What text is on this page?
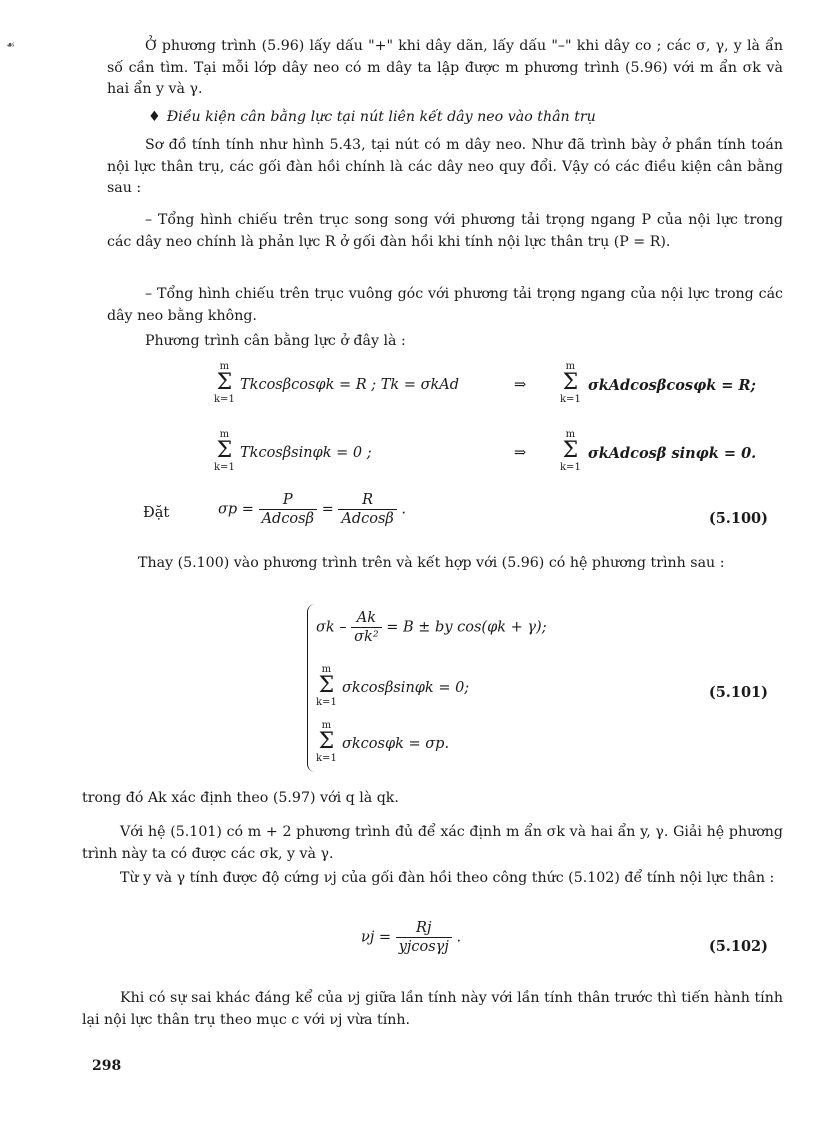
☙	Ở phương trình (5.96) lấy dấu "+" khi dây dãn, lấy dấu "–" khi dây co ; các σ, γ, y là ẩn số cần tìm. Tại mỗi lớp dây neo có m dây ta lập được m phương trình (5.96) với m ẩn σk và hai ẩn y và γ.
♦ Điều kiện cân bằng lực tại nút liên kết dây neo vào thân trụ
Sơ đồ tính tính như hình 5.43, tại nút có m dây neo. Như đã trình bày ở phần tính toán nội lực thân trụ, các gối đàn hồi chính là các dây neo quy đổi. Vậy có các điều kiện cân bằng sau :
– Tổng hình chiếu trên trục song song với phương tải trọng ngang P của nội lực trong các dây neo chính là phản lực R ở gối đàn hồi khi tính nội lực thân trụ (P = R).
– Tổng hình chiếu trên trục vuông góc với phương tải trọng ngang của nội lực trong các dây neo bằng không.
Phương trình cân bằng lực ở đây là :
m
Σ
k=1
Tkcosβcosφk = R ; Tk = σkAd	⇒
m
Σ
k=1
σkAdcosβcosφk = R;
m
Σ
k=1
Tkcosβsinφk = 0 ;	⇒
m
Σ
k=1
σkAdcosβ sinφk = 0.
Đặt	$\sigma p = \frac{P}{Adcos\beta} = \frac{R}{Adcos\beta}$ .
(5.100)
Thay (5.100) vào phương trình trên và kết hợp với (5.96) có hệ phương trình sau :
$\sigma k - \frac{Ak}{\text{σk²}} = B$ ± by cos(φk + γ);
m
Σ
k=1
σkcosβsinφk = 0;
m
Σ
k=1
σkcosφk = σp.
(5.101)
trong đó Ak xác định theo (5.97) với q là qk.
Với hệ (5.101) có m + 2 phương trình đủ để xác định m ẩn σk và hai ẩn y, γ. Giải hệ phương trình này ta có được các σk, y và γ.
Từ y và γ tính được độ cứng νj của gối đàn hồi theo công thức (5.102) để tính nội lực thân :
$\nu j = \frac{Rj}{yjcos\gamma j}$ .
(5.102)
Khi có sự sai khác đáng kể của νj giữa lần tính này với lần tính thân trước thì tiến hành tính lại nội lực thân trụ theo mục c với νj vừa tính.
298
